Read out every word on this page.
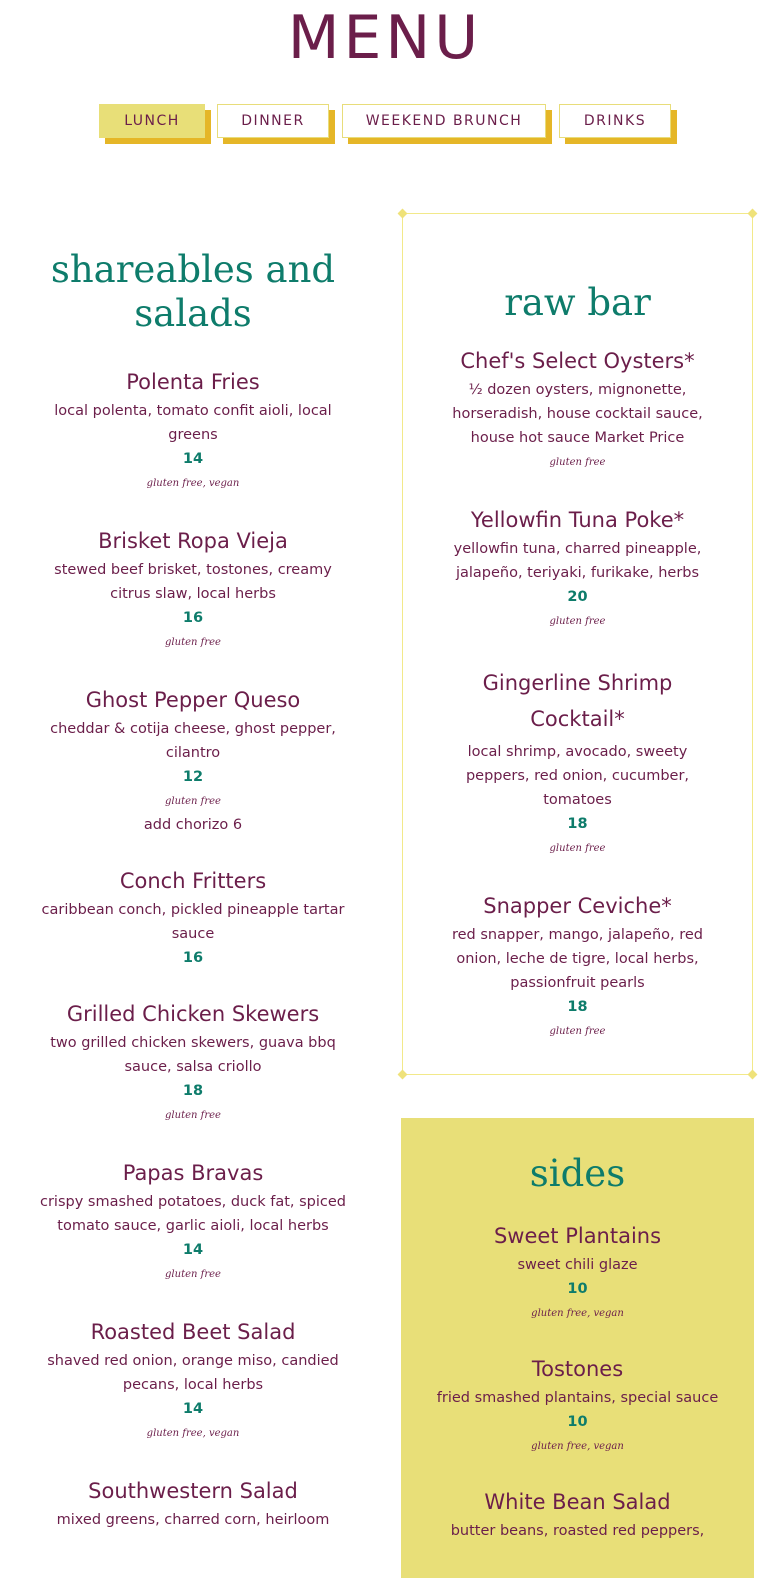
MENU
LUNCH	DINNER	WEEKEND BRUNCH	DRINKS
shareables and salads
Polenta Fries
local polenta, tomato confit aioli, local greens
14
gluten free, vegan
Brisket Ropa Vieja
stewed beef brisket, tostones, creamy citrus slaw, local herbs
16
gluten free
Ghost Pepper Queso
cheddar & cotija cheese, ghost pepper, cilantro
12
gluten free
add chorizo 6
Conch Fritters
caribbean conch, pickled pineapple tartar sauce
16
Grilled Chicken Skewers
two grilled chicken skewers, guava bbq sauce, salsa criollo
18
gluten free
Papas Bravas
crispy smashed potatoes, duck fat, spiced tomato sauce, garlic aioli, local herbs
14
gluten free
Roasted Beet Salad
shaved red onion, orange miso, candied pecans, local herbs
14
gluten free, vegan
Southwestern Salad
mixed greens, charred corn, heirloom
raw bar
Chef's Select Oysters*
½ dozen oysters, mignonette, horseradish, house cocktail sauce, house hot sauce Market Price
gluten free
Yellowfin Tuna Poke*
yellowfin tuna, charred pineapple, jalapeño, teriyaki, furikake, herbs
20
gluten free
Gingerline Shrimp Cocktail*
local shrimp, avocado, sweety peppers, red onion, cucumber, tomatoes
18
gluten free
Snapper Ceviche*
red snapper, mango, jalapeño, red onion, leche de tigre, local herbs, passionfruit pearls
18
gluten free
sides
Sweet Plantains
sweet chili glaze
10
gluten free, vegan
Tostones
fried smashed plantains, special sauce
10
gluten free, vegan
White Bean Salad
butter beans, roasted red peppers,
